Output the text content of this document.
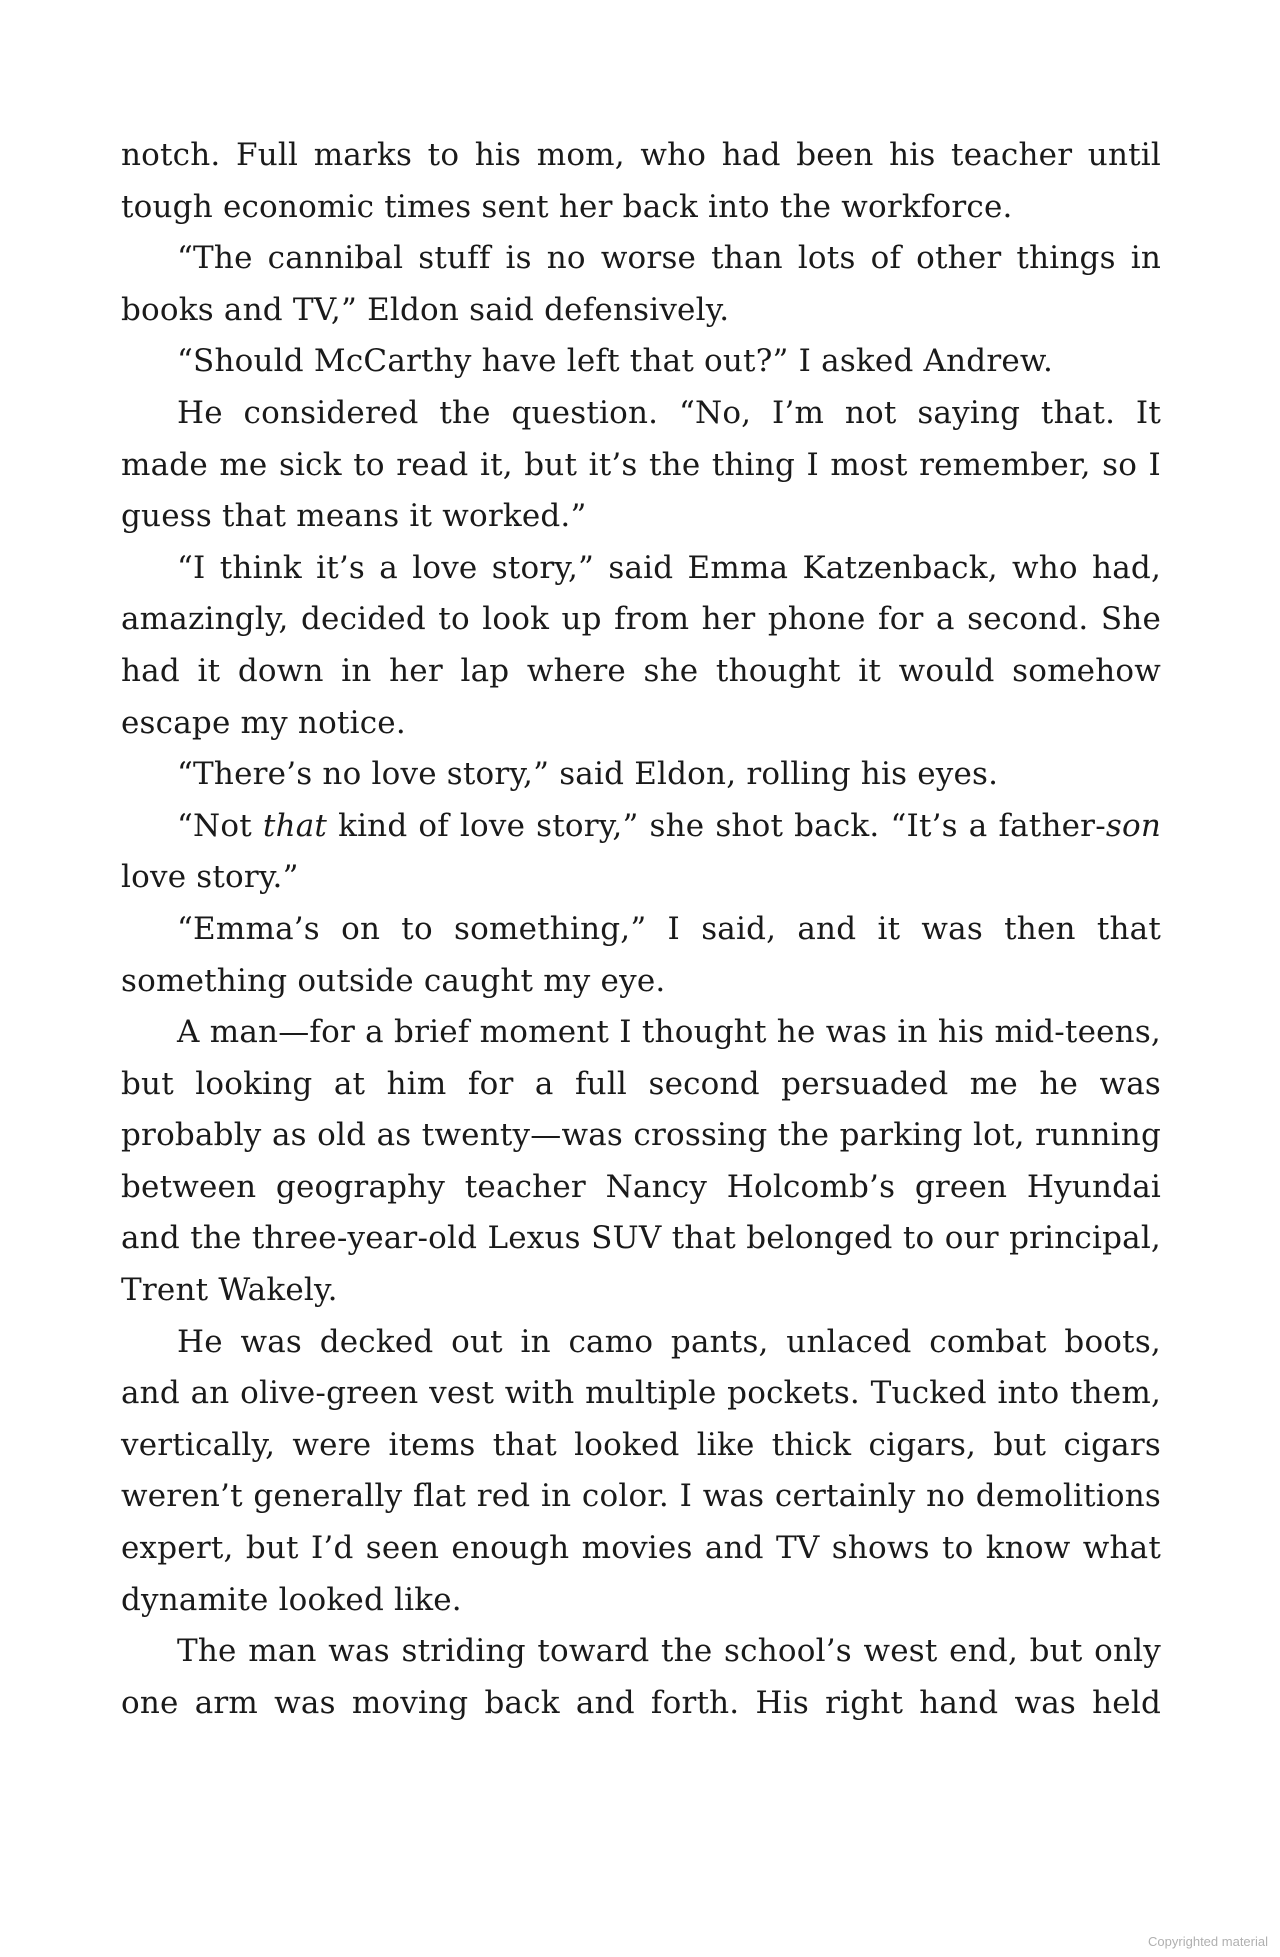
notch. Full marks to his mom, who had been his teacher until tough economic times sent her back into the workforce.

“The cannibal stuff is no worse than lots of other things in books and TV,” Eldon said defensively.

“Should McCarthy have left that out?” I asked Andrew.

He considered the question. “No, I’m not saying that. It made me sick to read it, but it’s the thing I most remember, so I guess that means it worked.”

“I think it’s a love story,” said Emma Katzenback, who had, amazingly, decided to look up from her phone for a second. She had it down in her lap where she thought it would somehow escape my notice.

“There’s no love story,” said Eldon, rolling his eyes.

“Not that kind of love story,” she shot back. “It’s a father-son love story.”

“Emma’s on to something,” I said, and it was then that something outside caught my eye.

A man—for a brief moment I thought he was in his mid-teens, but looking at him for a full second persuaded me he was probably as old as twenty—was crossing the parking lot, running between geography teacher Nancy Holcomb’s green Hyundai and the three-year-old Lexus SUV that belonged to our principal, Trent Wakely.

He was decked out in camo pants, unlaced combat boots, and an olive-green vest with multiple pockets. Tucked into them, vertically, were items that looked like thick cigars, but cigars weren’t generally flat red in color. I was certainly no demolitions expert, but I’d seen enough movies and TV shows to know what dynamite looked like.

The man was striding toward the school’s west end, but only one arm was moving back and forth. His right hand was held

Copyrighted material
